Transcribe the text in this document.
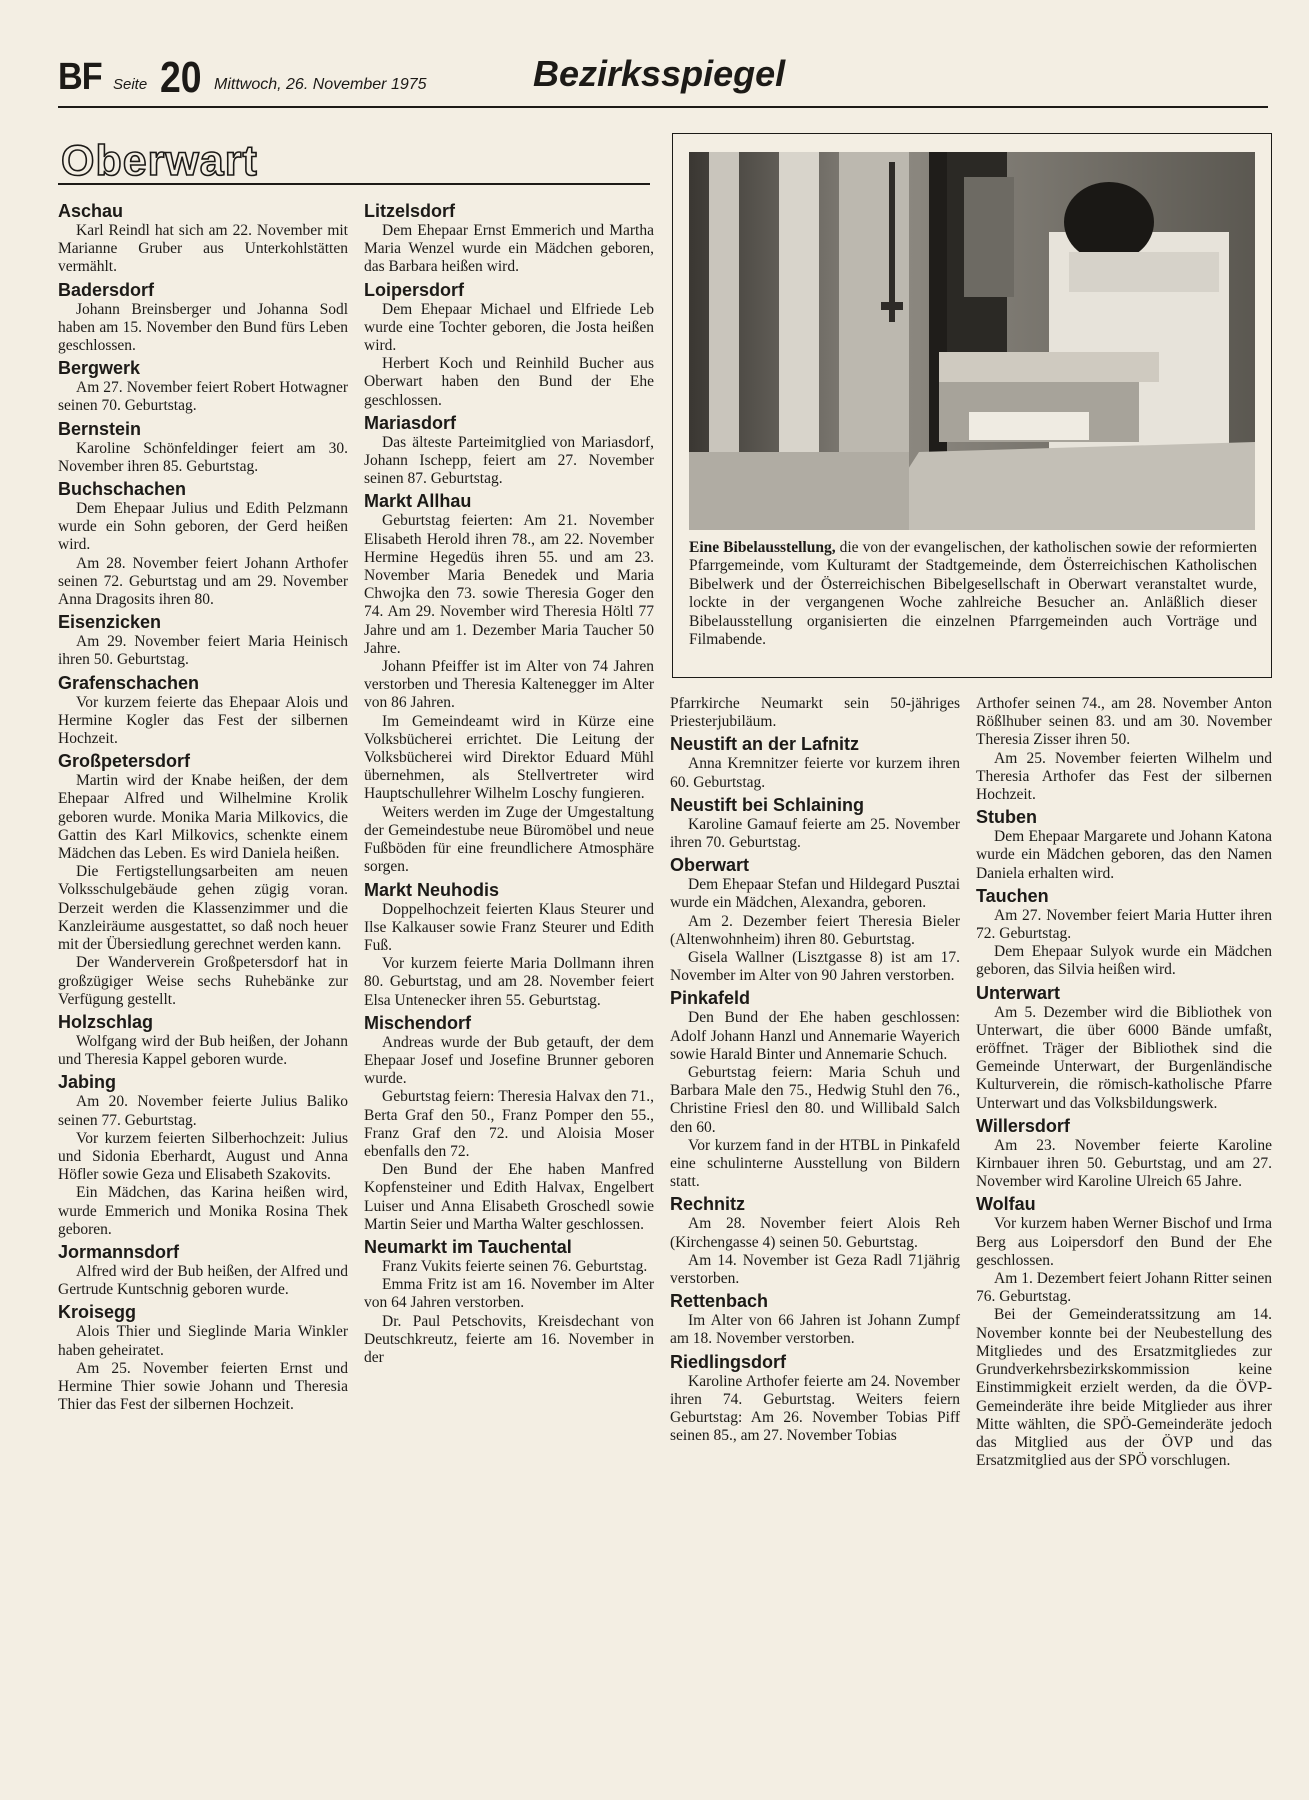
BF Seite 20 Mittwoch, 26. November 1975	Bezirksspiegel
Oberwart
Aschau

Karl Reindl hat sich am 22. November mit Marianne Gruber aus Unterkohlstätten vermählt.

Badersdorf

Johann Breinsberger und Johanna Sodl haben am 15. November den Bund fürs Leben geschlossen.

Bergwerk

Am 27. November feiert Robert Hotwagner seinen 70. Geburtstag.

Bernstein

Karoline Schönfeldinger feiert am 30. November ihren 85. Geburtstag.

Buchschachen

Dem Ehepaar Julius und Edith Pelzmann wurde ein Sohn geboren, der Gerd heißen wird.

Am 28. November feiert Johann Arthofer seinen 72. Geburtstag und am 29. November Anna Dragosits ihren 80.

Eisenzicken

Am 29. November feiert Maria Heinisch ihren 50. Geburtstag.

Grafenschachen

Vor kurzem feierte das Ehepaar Alois und Hermine Kogler das Fest der silbernen Hochzeit.

Großpetersdorf

Martin wird der Knabe heißen, der dem Ehepaar Alfred und Wilhelmine Krolik geboren wurde. Monika Maria Milkovics, die Gattin des Karl Milkovics, schenkte einem Mädchen das Leben. Es wird Daniela heißen.

Die Fertigstellungsarbeiten am neuen Volksschulgebäude gehen zügig voran. Derzeit werden die Klassenzimmer und die Kanzleiräume ausgestattet, so daß noch heuer mit der Übersiedlung gerechnet werden kann.

Der Wanderverein Großpetersdorf hat in großzügiger Weise sechs Ruhebänke zur Verfügung gestellt.

Holzschlag

Wolfgang wird der Bub heißen, der Johann und Theresia Kappel geboren wurde.

Jabing

Am 20. November feierte Julius Baliko seinen 77. Geburtstag.

Vor kurzem feierten Silberhochzeit: Julius und Sidonia Eberhardt, August und Anna Höfler sowie Geza und Elisabeth Szakovits.

Ein Mädchen, das Karina heißen wird, wurde Emmerich und Monika Rosina Thek geboren.

Jormannsdorf

Alfred wird der Bub heißen, der Alfred und Gertrude Kuntschnig geboren wurde.

Kroisegg

Alois Thier und Sieglinde Maria Winkler haben geheiratet.

Am 25. November feierten Ernst und Hermine Thier sowie Johann und Theresia Thier das Fest der silbernen Hochzeit.

Litzelsdorf

Dem Ehepaar Ernst Emmerich und Martha Maria Wenzel wurde ein Mädchen geboren, das Barbara heißen wird.

Loipersdorf

Dem Ehepaar Michael und Elfriede Leb wurde eine Tochter geboren, die Josta heißen wird.

Herbert Koch und Reinhild Bucher aus Oberwart haben den Bund der Ehe geschlossen.

Mariasdorf

Das älteste Parteimitglied von Mariasdorf, Johann Ischepp, feiert am 27. November seinen 87. Geburtstag.

Markt Allhau

Geburtstag feierten: Am 21. November Elisabeth Herold ihren 78., am 22. November Hermine Hegedüs ihren 55. und am 23. November Maria Benedek und Maria Chwojka den 73. sowie Theresia Goger den 74. Am 29. November wird Theresia Höltl 77 Jahre und am 1. Dezember Maria Taucher 50 Jahre.

Johann Pfeiffer ist im Alter von 74 Jahren verstorben und Theresia Kaltenegger im Alter von 86 Jahren.

Im Gemeindeamt wird in Kürze eine Volksbücherei errichtet. Die Leitung der Volksbücherei wird Direktor Eduard Mühl übernehmen, als Stellvertreter wird Hauptschullehrer Wilhelm Loschy fungieren.

Weiters werden im Zuge der Umgestaltung der Gemeindestube neue Büromöbel und neue Fußböden für eine freundlichere Atmosphäre sorgen.

Markt Neuhodis

Doppelhochzeit feierten Klaus Steurer und Ilse Kalkauser sowie Franz Steurer und Edith Fuß.

Vor kurzem feierte Maria Dollmann ihren 80. Geburtstag, und am 28. November feiert Elsa Untenecker ihren 55. Geburtstag.

Mischendorf

Andreas wurde der Bub getauft, der dem Ehepaar Josef und Josefine Brunner geboren wurde.

Geburtstag feiern: Theresia Halvax den 71., Berta Graf den 50., Franz Pomper den 55., Franz Graf den 72. und Aloisia Moser ebenfalls den 72.

Den Bund der Ehe haben Manfred Kopfensteiner und Edith Halvax, Engelbert Luiser und Anna Elisabeth Groschedl sowie Martin Seier und Martha Walter geschlossen.

Neumarkt im Tauchental

Franz Vukits feierte seinen 76. Geburtstag.

Emma Fritz ist am 16. November im Alter von 64 Jahren verstorben.

Dr. Paul Petschovits, Kreisdechant von Deutschkreutz, feierte am 16. November in der

Eine Bibelausstellung, die von der evangelischen, der katholischen sowie der reformierten Pfarrgemeinde, vom Kulturamt der Stadtgemeinde, dem Österreichischen Katholischen Bibelwerk und der Österreichischen Bibelgesellschaft in Oberwart veranstaltet wurde, lockte in der vergangenen Woche zahlreiche Besucher an. Anläßlich dieser Bibelausstellung organisierten die einzelnen Pfarrgemeinden auch Vorträge und Filmabende.

Pfarrkirche Neumarkt sein 50-jähriges Priesterjubiläum.

Neustift an der Lafnitz

Anna Kremnitzer feierte vor kurzem ihren 60. Geburtstag.

Neustift bei Schlaining

Karoline Gamauf feierte am 25. November ihren 70. Geburtstag.

Oberwart

Dem Ehepaar Stefan und Hildegard Pusztai wurde ein Mädchen, Alexandra, geboren.

Am 2. Dezember feiert Theresia Bieler (Altenwohnheim) ihren 80. Geburtstag.

Gisela Wallner (Lisztgasse 8) ist am 17. November im Alter von 90 Jahren verstorben.

Pinkafeld

Den Bund der Ehe haben geschlossen: Adolf Johann Hanzl und Annemarie Wayerich sowie Harald Binter und Annemarie Schuch.

Geburtstag feiern: Maria Schuh und Barbara Male den 75., Hedwig Stuhl den 76., Christine Friesl den 80. und Willibald Salch den 60.

Vor kurzem fand in der HTBL in Pinkafeld eine schulinterne Ausstellung von Bildern statt.

Rechnitz

Am 28. November feiert Alois Reh (Kirchengasse 4) seinen 50. Geburtstag.

Am 14. November ist Geza Radl 71jährig verstorben.

Rettenbach

Im Alter von 66 Jahren ist Johann Zumpf am 18. November verstorben.

Riedlingsdorf

Karoline Arthofer feierte am 24. November ihren 74. Geburtstag. Weiters feiern Geburtstag: Am 26. November Tobias Piff seinen 85., am 27. November Tobias

Arthofer seinen 74., am 28. November Anton Rößlhuber seinen 83. und am 30. November Theresia Zisser ihren 50.

Am 25. November feierten Wilhelm und Theresia Arthofer das Fest der silbernen Hochzeit.

Stuben

Dem Ehepaar Margarete und Johann Katona wurde ein Mädchen geboren, das den Namen Daniela erhalten wird.

Tauchen

Am 27. November feiert Maria Hutter ihren 72. Geburtstag.

Dem Ehepaar Sulyok wurde ein Mädchen geboren, das Silvia heißen wird.

Unterwart

Am 5. Dezember wird die Bibliothek von Unterwart, die über 6000 Bände umfaßt, eröffnet. Träger der Bibliothek sind die Gemeinde Unterwart, der Burgenländische Kulturverein, die römisch-katholische Pfarre Unterwart und das Volksbildungswerk.

Willersdorf

Am 23. November feierte Karoline Kirnbauer ihren 50. Geburtstag, und am 27. November wird Karoline Ulreich 65 Jahre.

Wolfau

Vor kurzem haben Werner Bischof und Irma Berg aus Loipersdorf den Bund der Ehe geschlossen.

Am 1. Dezembert feiert Johann Ritter seinen 76. Geburtstag.

Bei der Gemeinderatssitzung am 14. November konnte bei der Neubestellung des Mitgliedes und des Ersatzmitgliedes zur Grundverkehrsbezirkskommission keine Einstimmigkeit erzielt werden, da die ÖVP-Gemeinderäte ihre beide Mitglieder aus ihrer Mitte wählten, die SPÖ-Gemeinderäte jedoch das Mitglied aus der ÖVP und das Ersatzmitglied aus der SPÖ vorschlugen.
